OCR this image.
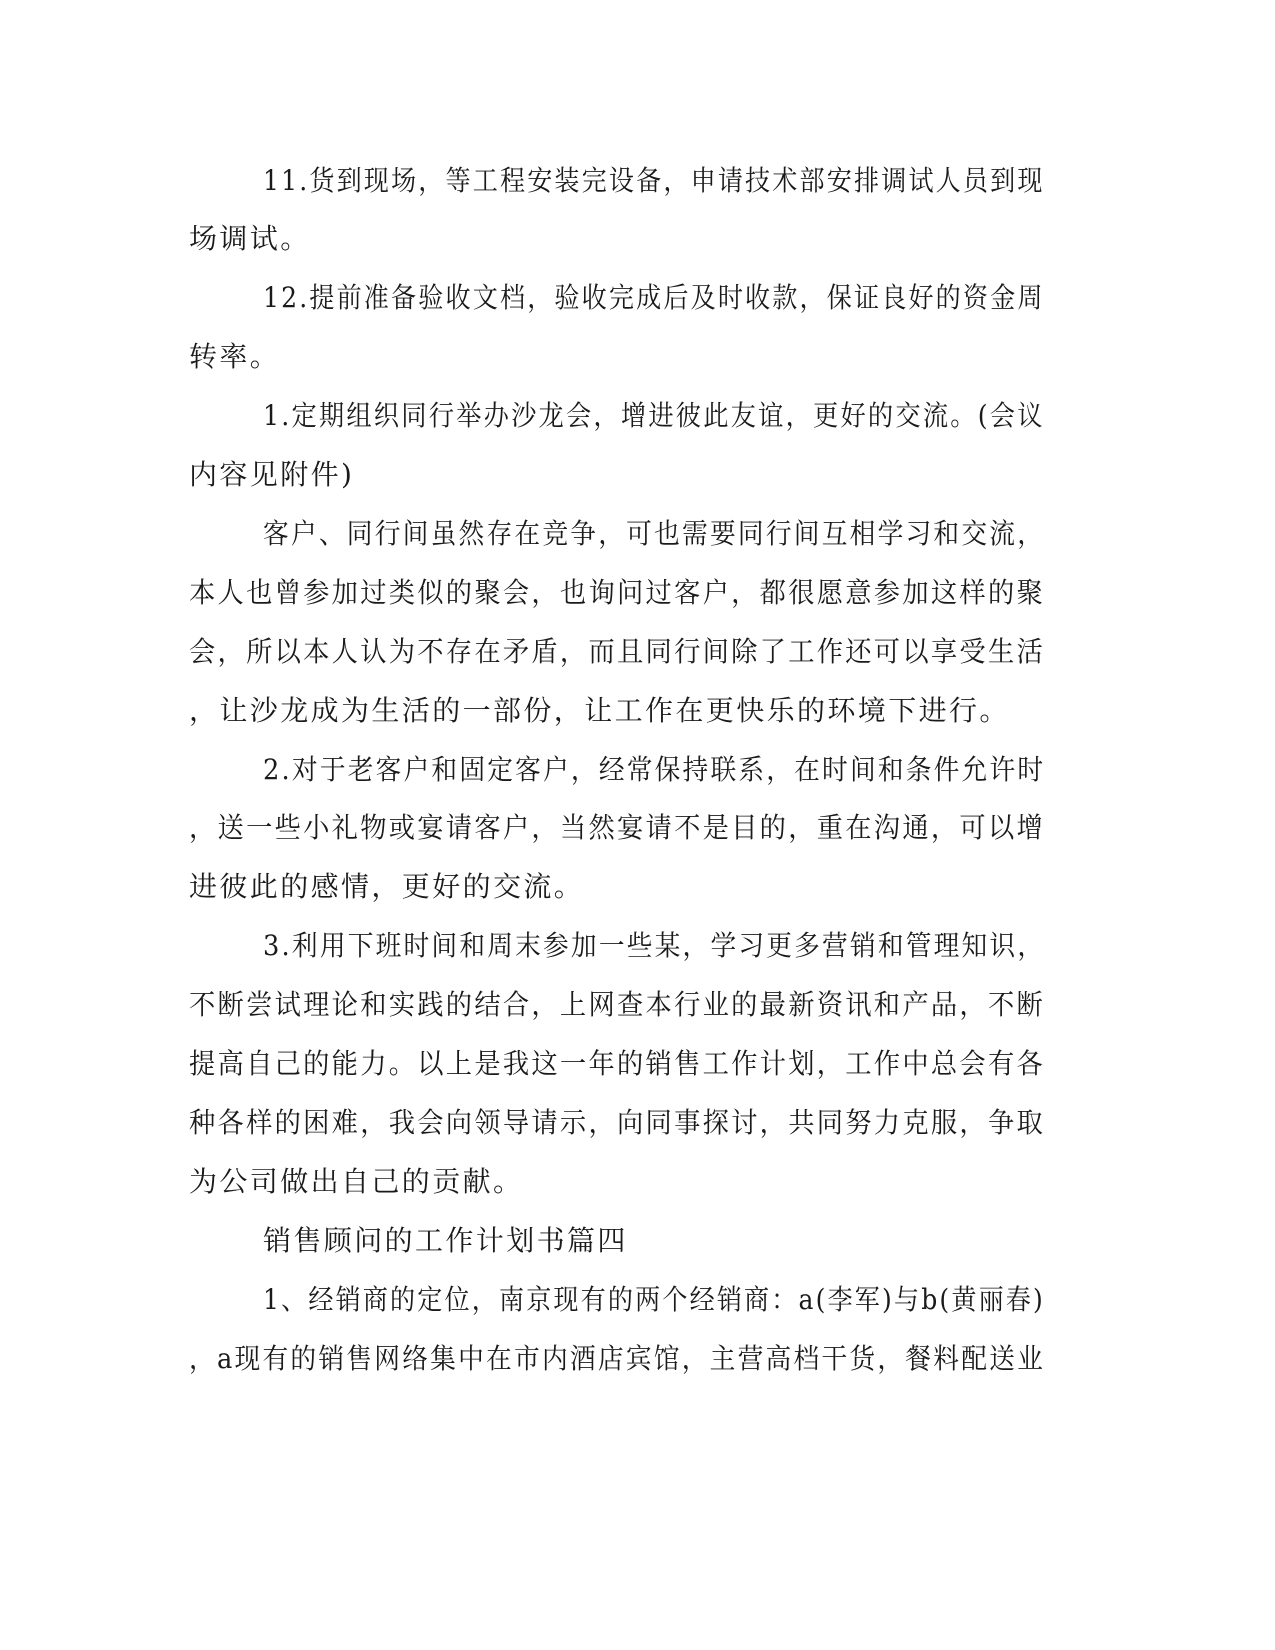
11.货到现场，等工程安装完设备，申请技术部安排调试人员到现
场调试。
12.提前准备验收文档，验收完成后及时收款，保证良好的资金周
转率。
1.定期组织同行举办沙龙会，增进彼此友谊，更好的交流。(会议
内容见附件)
客户、同行间虽然存在竞争，可也需要同行间互相学习和交流，
本人也曾参加过类似的聚会，也询问过客户，都很愿意参加这样的聚
会，所以本人认为不存在矛盾，而且同行间除了工作还可以享受生活
，让沙龙成为生活的一部份，让工作在更快乐的环境下进行。
2.对于老客户和固定客户，经常保持联系，在时间和条件允许时
，送一些小礼物或宴请客户，当然宴请不是目的，重在沟通，可以增
进彼此的感情，更好的交流。
3.利用下班时间和周末参加一些某，学习更多营销和管理知识，
不断尝试理论和实践的结合，上网查本行业的最新资讯和产品，不断
提高自己的能力。以上是我这一年的销售工作计划，工作中总会有各
种各样的困难，我会向领导请示，向同事探讨，共同努力克服，争取
为公司做出自己的贡献。
销售顾问的工作计划书篇四
1、经销商的定位，南京现有的两个经销商：a(李军)与b(黄丽春)
，a现有的销售网络集中在市内酒店宾馆，主营高档干货，餐料配送业
